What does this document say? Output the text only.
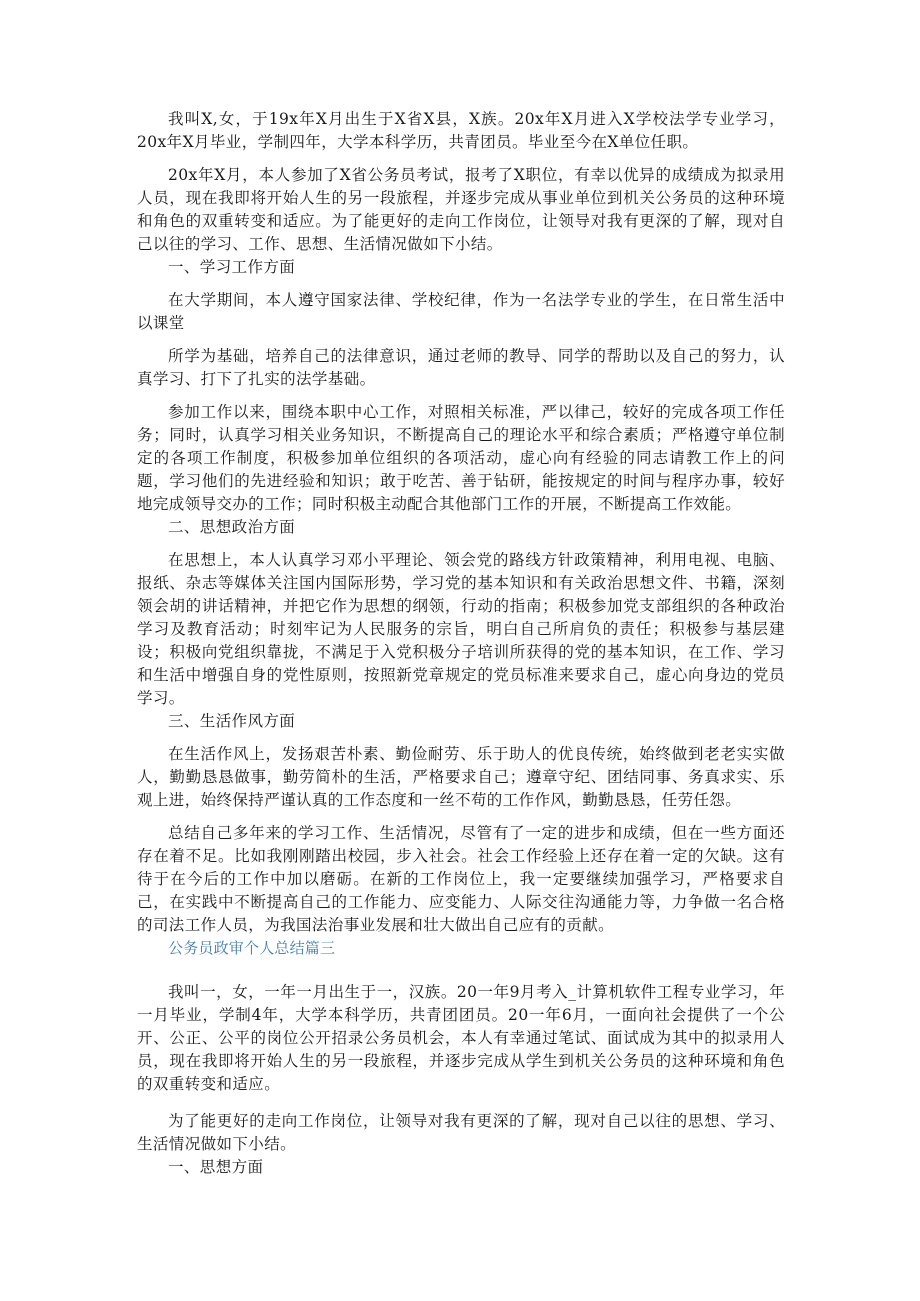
我叫X,女，于19x年X月出生于X省X县，X族。20x年X月进入X学校法学专业学习，20x年X月毕业，学制四年，大学本科学历，共青团员。毕业至今在X单位任职。

20x年X月，本人参加了X省公务员考试，报考了X职位，有幸以优异的成绩成为拟录用人员，现在我即将开始人生的另一段旅程，并逐步完成从事业单位到机关公务员的这种环境和角色的双重转变和适应。为了能更好的走向工作岗位，让领导对我有更深的了解，现对自己以往的学习、工作、思想、生活情况做如下小结。

一、学习工作方面

在大学期间，本人遵守国家法律、学校纪律，作为一名法学专业的学生，在日常生活中以课堂

所学为基础，培养自己的法律意识，通过老师的教导、同学的帮助以及自己的努力，认真学习、打下了扎实的法学基础。

参加工作以来，围绕本职中心工作，对照相关标准，严以律己，较好的完成各项工作任务；同时，认真学习相关业务知识，不断提高自己的理论水平和综合素质；严格遵守单位制定的各项工作制度，积极参加单位组织的各项活动，虚心向有经验的同志请教工作上的问题，学习他们的先进经验和知识；敢于吃苦、善于钻研，能按规定的时间与程序办事，较好地完成领导交办的工作；同时积极主动配合其他部门工作的开展，不断提高工作效能。

二、思想政治方面

在思想上，本人认真学习邓小平理论、领会党的路线方针政策精神，利用电视、电脑、报纸、杂志等媒体关注国内国际形势，学习党的基本知识和有关政治思想文件、书籍，深刻领会胡的讲话精神，并把它作为思想的纲领，行动的指南；积极参加党支部组织的各种政治学习及教育活动；时刻牢记为人民服务的宗旨，明白自己所肩负的责任；积极参与基层建设；积极向党组织靠拢，不满足于入党积极分子培训所获得的党的基本知识，在工作、学习和生活中增强自身的党性原则，按照新党章规定的党员标准来要求自己，虚心向身边的党员学习。

三、生活作风方面

在生活作风上，发扬艰苦朴素、勤俭耐劳、乐于助人的优良传统，始终做到老老实实做人，勤勤恳恳做事，勤劳简朴的生活，严格要求自己；遵章守纪、团结同事、务真求实、乐观上进，始终保持严谨认真的工作态度和一丝不苟的工作作风，勤勤恳恳，任劳任怨。

总结自己多年来的学习工作、生活情况，尽管有了一定的进步和成绩，但在一些方面还存在着不足。比如我刚刚踏出校园，步入社会。社会工作经验上还存在着一定的欠缺。这有待于在今后的工作中加以磨砺。在新的工作岗位上，我一定要继续加强学习，严格要求自己，在实践中不断提高自己的工作能力、应变能力、人际交往沟通能力等，力争做一名合格的司法工作人员，为我国法治事业发展和壮大做出自己应有的贡献。

公务员政审个人总结篇三

我叫一，女，一年一月出生于一，汉族。20一年9月考入_计算机软件工程专业学习，年一月毕业，学制4年，大学本科学历，共青团团员。20一年6月，一面向社会提供了一个公开、公正、公平的岗位公开招录公务员机会，本人有幸通过笔试、面试成为其中的拟录用人员，现在我即将开始人生的另一段旅程，并逐步完成从学生到机关公务员的这种环境和角色的双重转变和适应。

为了能更好的走向工作岗位，让领导对我有更深的了解，现对自己以往的思想、学习、生活情况做如下小结。

一、思想方面
